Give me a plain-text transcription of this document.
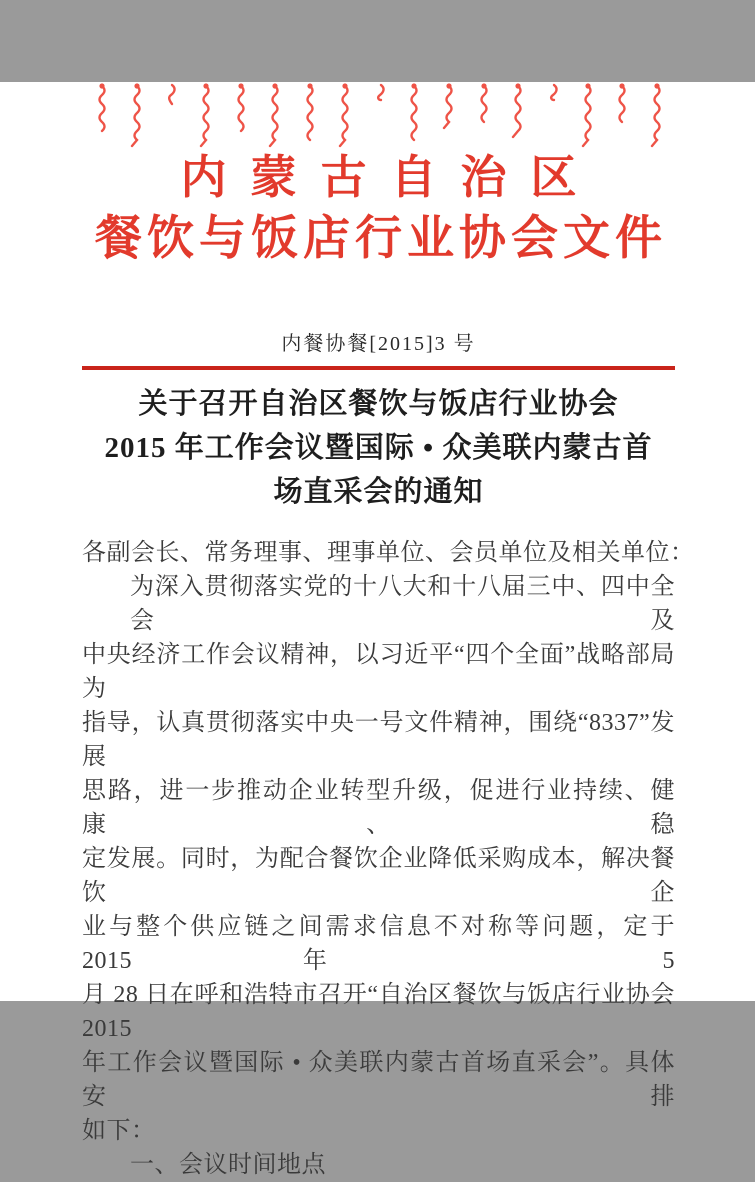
内蒙古自治区
餐饮与饭店行业协会文件
内餐协餐[2015]3 号
关于召开自治区餐饮与饭店行业协会
2015 年工作会议暨国际 • 众美联内蒙古首
场直采会的通知
各副会长、常务理事、理事单位、会员单位及相关单位：
为深入贯彻落实党的十八大和十八届三中、四中全会及
中央经济工作会议精神，以习近平“四个全面”战略部局为
指导，认真贯彻落实中央一号文件精神，围绕“8337”发展
思路，进一步推动企业转型升级，促进行业持续、健康、稳
定发展。同时，为配合餐饮企业降低采购成本，解决餐饮企
业与整个供应链之间需求信息不对称等问题，定于 2015 年 5
月 28 日在呼和浩特市召开“自治区餐饮与饭店行业协会 2015
年工作会议暨国际 • 众美联内蒙古首场直采会”。具体安排
如下：
一、会议时间地点
